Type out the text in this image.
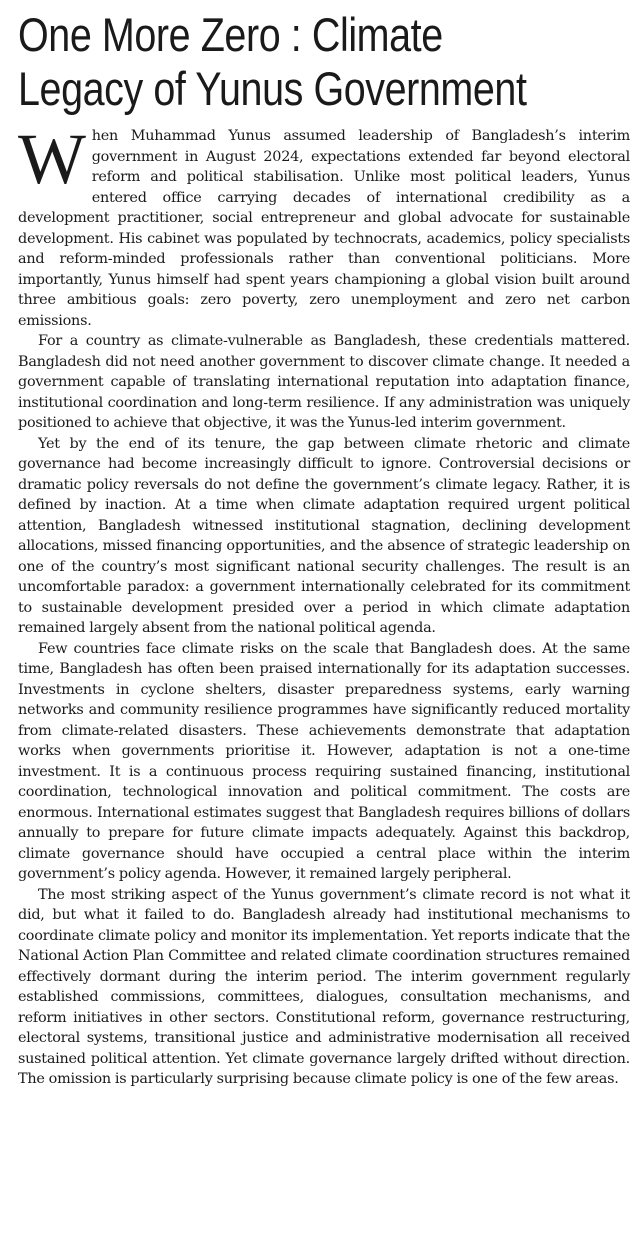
One More Zero : Climate
Legacy of Yunus Government

When Muhammad Yunus assumed leadership of Bangladesh’s interim government in August 2024, expectations extended far beyond electoral reform and political stabilisation. Unlike most political leaders, Yunus entered office carrying decades of international credibility as a development practitioner, social entrepreneur and global advocate for sustainable development. His cabinet was populated by technocrats, academics, policy specialists and reform-minded professionals rather than conventional politicians. More importantly, Yunus himself had spent years championing a global vision built around three ambitious goals: zero poverty, zero unemployment and zero net carbon emissions.

For a country as climate-vulnerable as Bangladesh, these credentials mattered. Bangladesh did not need another government to discover climate change. It needed a government capable of translating international reputation into adaptation finance, institutional coordination and long-term resilience. If any administration was uniquely positioned to achieve that objective, it was the Yunus-led interim government.

Yet by the end of its tenure, the gap between climate rhetoric and climate governance had become increasingly difficult to ignore. Controversial decisions or dramatic policy reversals do not define the government’s climate legacy. Rather, it is defined by inaction. At a time when climate adaptation required urgent political attention, Bangladesh witnessed institutional stagnation, declining development allocations, missed financing opportunities, and the absence of strategic leadership on one of the country’s most significant national security challenges. The result is an uncomfortable paradox: a government internationally celebrated for its commitment to sustainable development presided over a period in which climate adaptation remained largely absent from the national political agenda.

Few countries face climate risks on the scale that Bangladesh does. At the same time, Bangladesh has often been praised internationally for its adaptation successes. Investments in cyclone shelters, disaster preparedness systems, early warning networks and community resilience programmes have significantly reduced mortality from climate-related disasters. These achievements demonstrate that adaptation works when governments prioritise it. However, adaptation is not a one-time investment. It is a continuous process requiring sustained financing, institutional coordination, technological innovation and political commitment. The costs are enormous. International estimates suggest that Bangladesh requires billions of dollars annually to prepare for future climate impacts adequately. Against this backdrop, climate governance should have occupied a central place within the interim government’s policy agenda. However, it remained largely peripheral.

The most striking aspect of the Yunus government’s climate record is not what it did, but what it failed to do. Bangladesh already had institutional mechanisms to coordinate climate policy and monitor its implementation. Yet reports indicate that the National Action Plan Committee and related climate coordination structures remained effectively dormant during the interim period. The interim government regularly established commissions, committees, dialogues, consultation mechanisms, and reform initiatives in other sectors. Constitutional reform, governance restructuring, electoral systems, transitional justice and administrative modernisation all received sustained political attention. Yet climate governance largely drifted without direction. The omission is particularly surprising because climate policy is one of the few areas.
